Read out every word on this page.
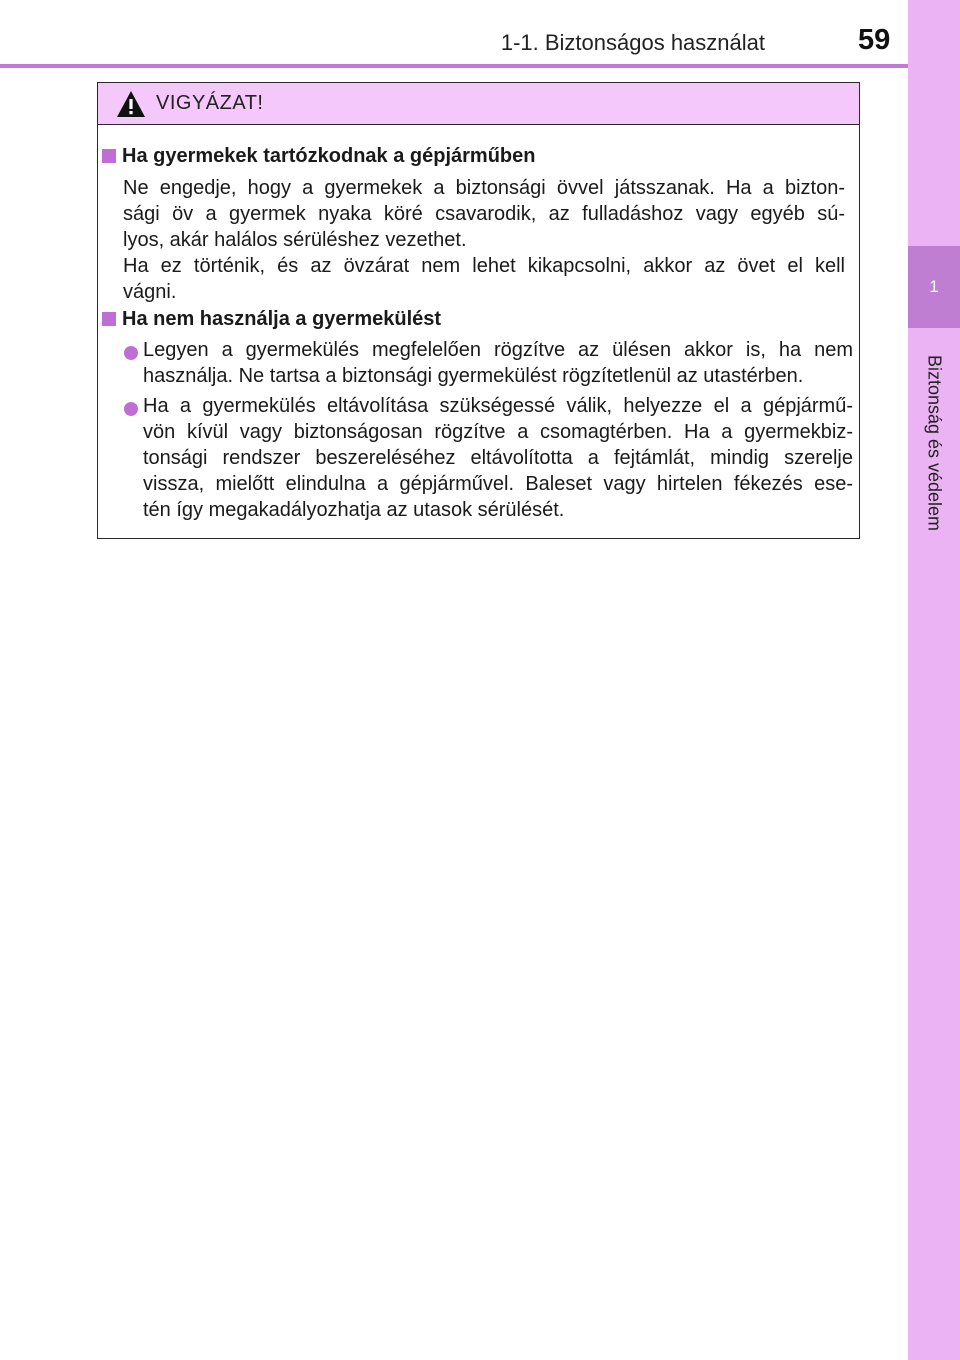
1-1. Biztonságos használat	59
1
Biztonság és védelem
VIGYÁZAT!
Ha gyermekek tartózkodnak a gépjárműben
Ne engedje, hogy a gyermekek a biztonsági övvel játsszanak. Ha a bizton-
sági öv a gyermek nyaka köré csavarodik, az fulladáshoz vagy egyéb sú-
lyos, akár halálos sérüléshez vezethet.
Ha ez történik, és az övzárat nem lehet kikapcsolni, akkor az övet el kell
vágni.
Ha nem használja a gyermekülést
Legyen a gyermekülés megfelelően rögzítve az ülésen akkor is, ha nem
használja. Ne tartsa a biztonsági gyermekülést rögzítetlenül az utastérben.
Ha a gyermekülés eltávolítása szükségessé válik, helyezze el a gépjármű-
vön kívül vagy biztonságosan rögzítve a csomagtérben. Ha a gyermekbiz-
tonsági rendszer beszereléséhez eltávolította a fejtámlát, mindig szerelje
vissza, mielőtt elindulna a gépjárművel. Baleset vagy hirtelen fékezés ese-
tén így megakadályozhatja az utasok sérülését.
